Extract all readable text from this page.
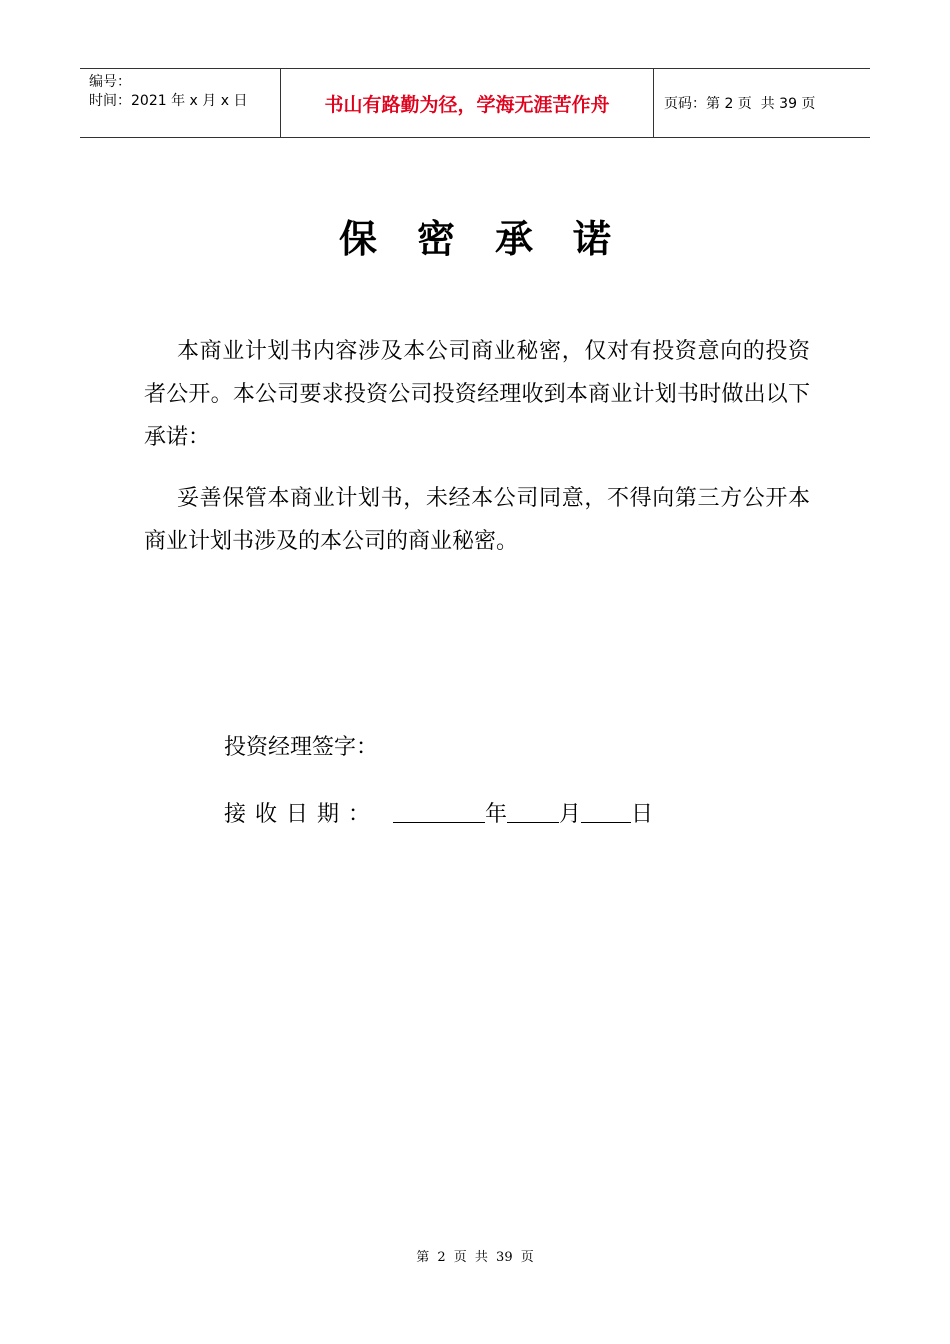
编号：
时间：2021 年 x 月 x 日	书山有路勤为径，学海无涯苦作舟	页码：第 2 页  共 39 页
保密承诺
本商业计划书内容涉及本公司商业秘密，仅对有投资意向的投资者公开。本公司要求投资公司投资经理收到本商业计划书时做出以下承诺：
妥善保管本商业计划书，未经本公司同意，不得向第三方公开本商业计划书涉及的本公司的商业秘密。
投资经理签字：
接收日期：	年 月 日
第 2 页 共 39 页
